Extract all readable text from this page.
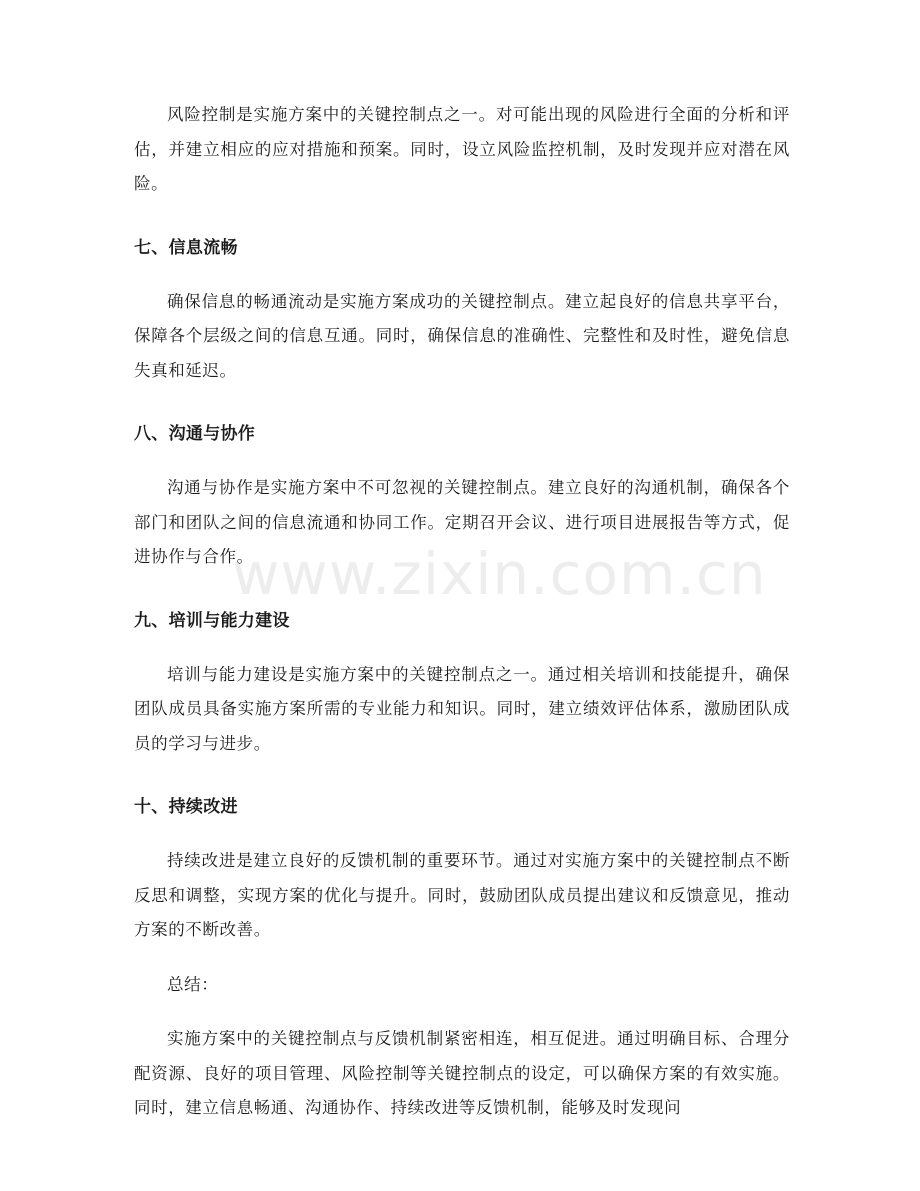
风险控制是实施方案中的关键控制点之一。对可能出现的风险进行全面的分析和评估，并建立相应的应对措施和预案。同时，设立风险监控机制，及时发现并应对潜在风险。

七、信息流畅

确保信息的畅通流动是实施方案成功的关键控制点。建立起良好的信息共享平台，保障各个层级之间的信息互通。同时，确保信息的准确性、完整性和及时性，避免信息失真和延迟。

八、沟通与协作

沟通与协作是实施方案中不可忽视的关键控制点。建立良好的沟通机制，确保各个部门和团队之间的信息流通和协同工作。定期召开会议、进行项目进展报告等方式，促进协作与合作。

九、培训与能力建设

培训与能力建设是实施方案中的关键控制点之一。通过相关培训和技能提升，确保团队成员具备实施方案所需的专业能力和知识。同时，建立绩效评估体系，激励团队成员的学习与进步。

十、持续改进

持续改进是建立良好的反馈机制的重要环节。通过对实施方案中的关键控制点不断反思和调整，实现方案的优化与提升。同时，鼓励团队成员提出建议和反馈意见，推动方案的不断改善。

总结：

实施方案中的关键控制点与反馈机制紧密相连，相互促进。通过明确目标、合理分配资源、良好的项目管理、风险控制等关键控制点的设定，可以确保方案的有效实施。同时，建立信息畅通、沟通协作、持续改进等反馈机制，能够及时发现问

www.zixin.com.cn
